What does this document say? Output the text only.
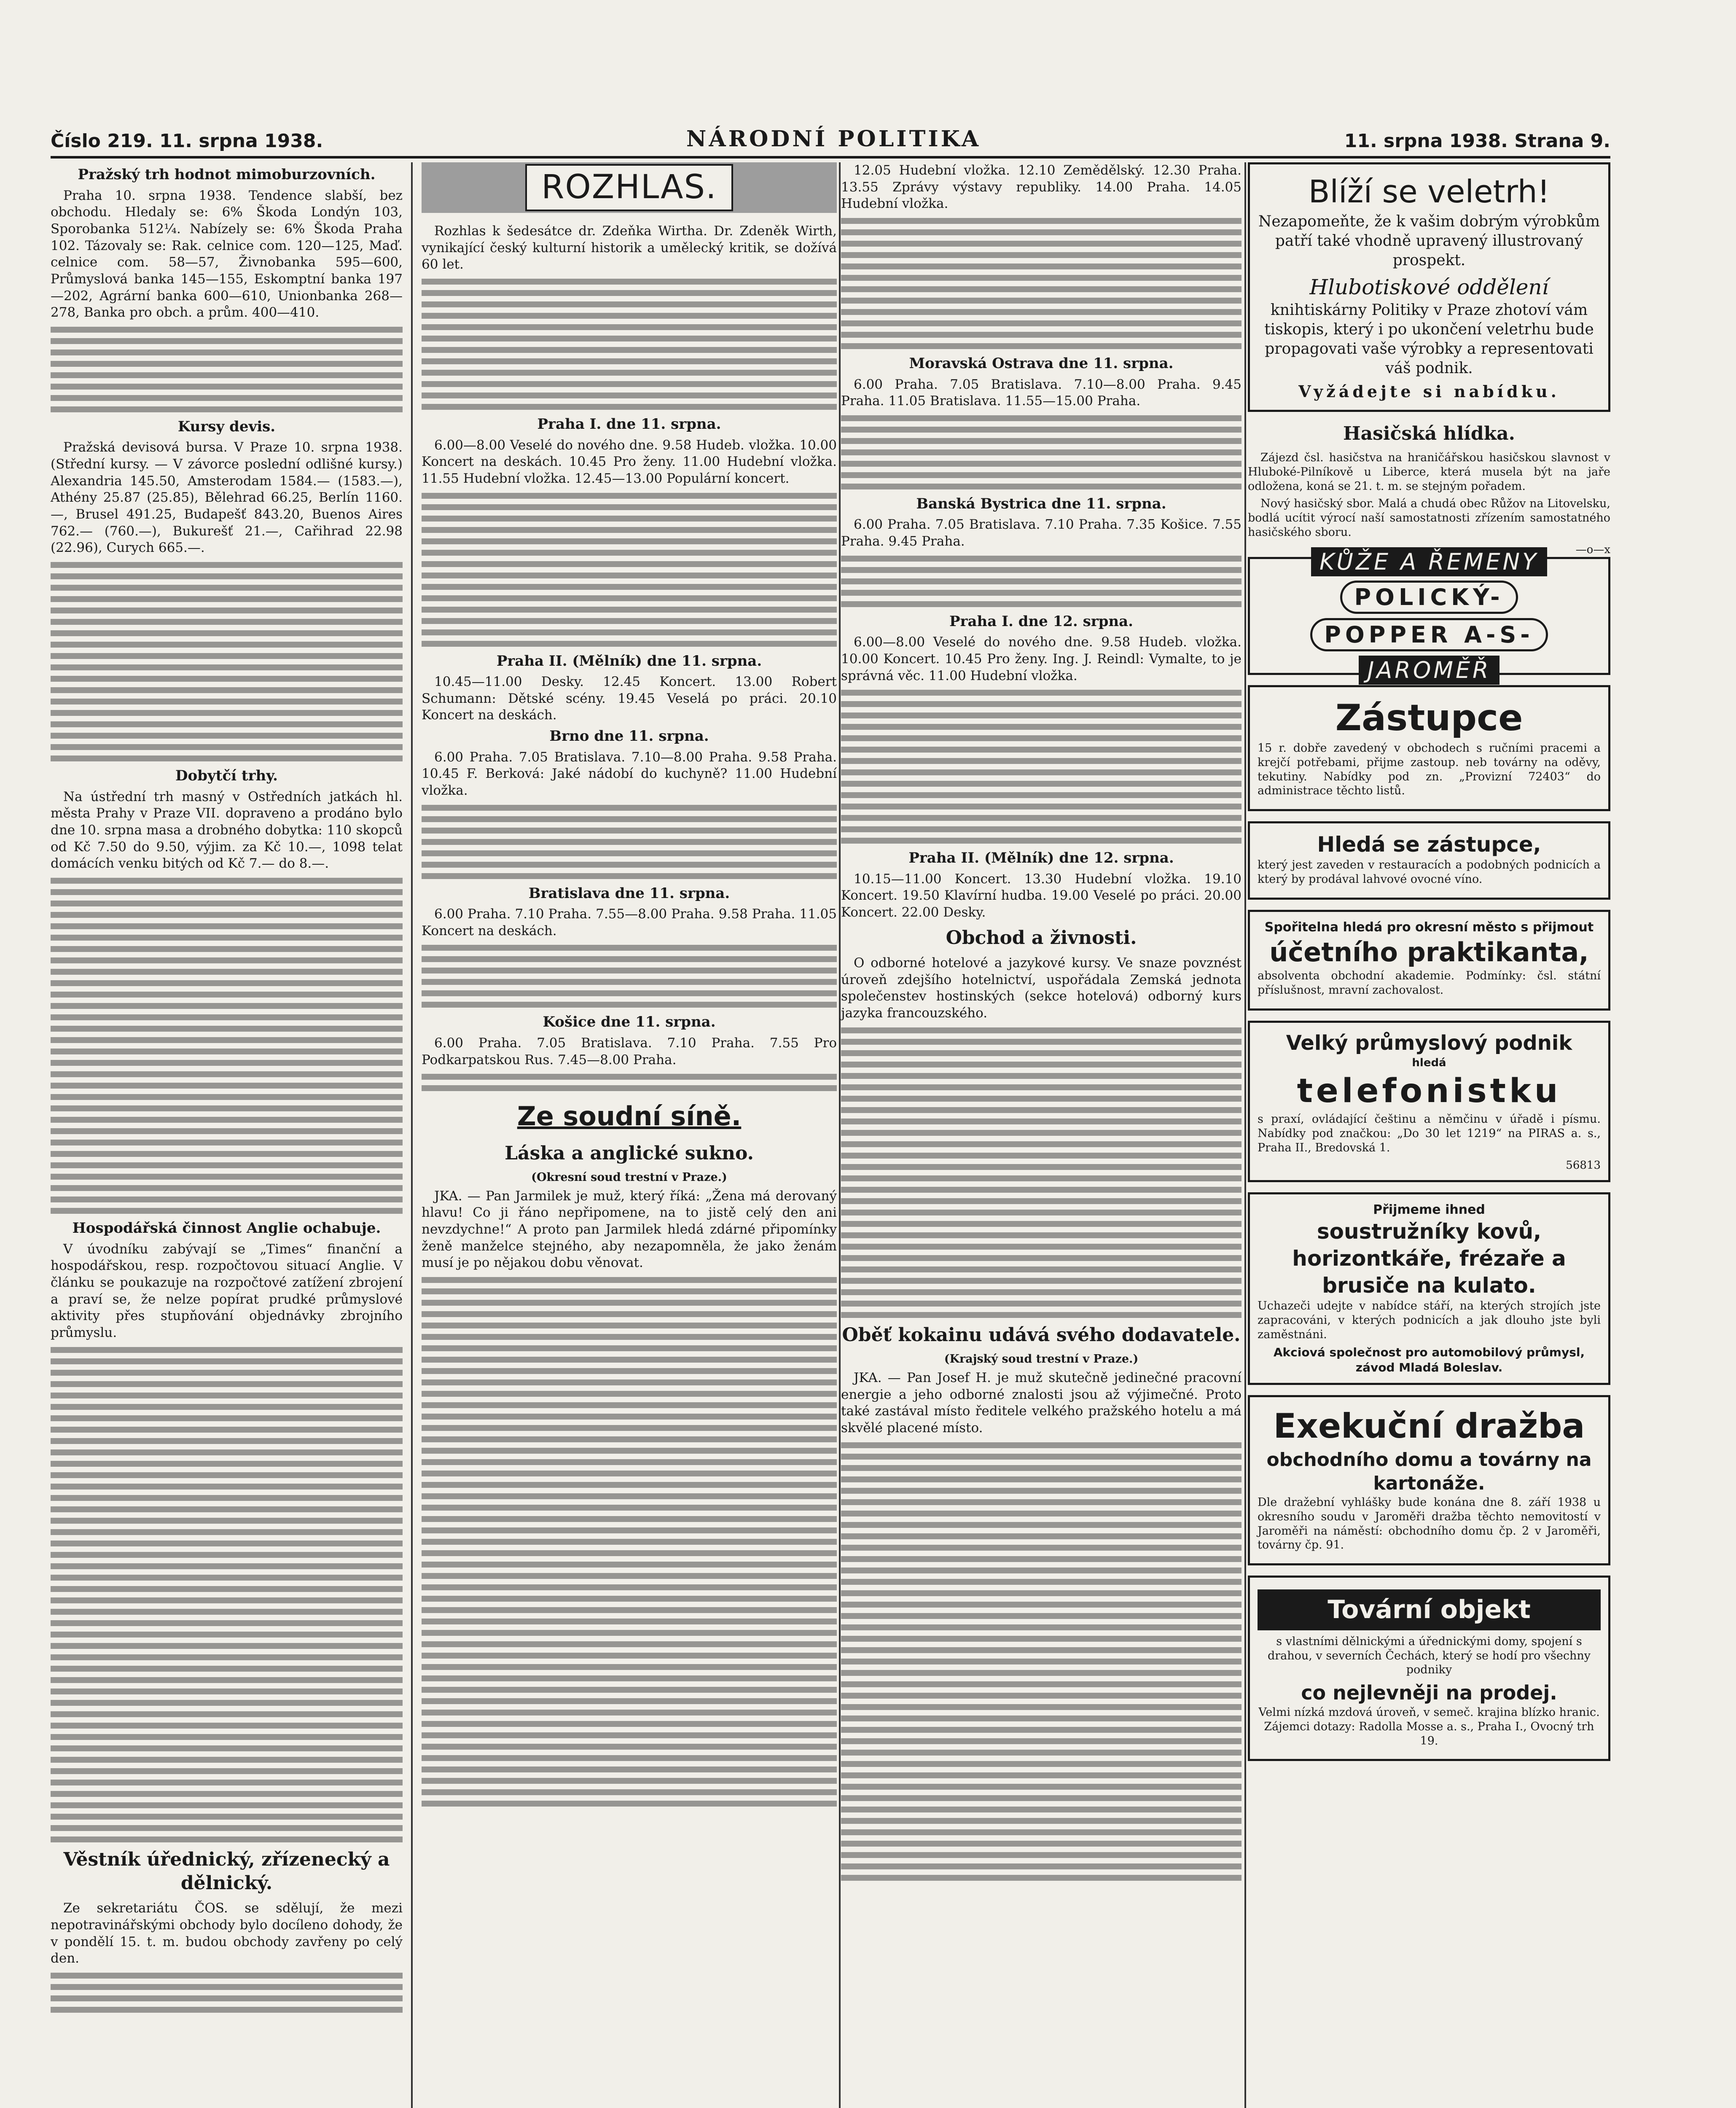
Číslo 219. 11. srpna 1938.	NÁRODNÍ POLITIKA	11. srpna 1938. Strana 9.
Pražský trh hodnot mimoburzovních.

Praha 10. srpna 1938. Tendence slabší, bez obchodu. Hledaly se: 6% Škoda Londýn 103, Sporobanka 512¼. Nabízely se: 6% Škoda Praha 102. Tázovaly se: Rak. celnice com. 120—125, Maď. celnice com. 58—57, Živnobanka 595—600, Průmyslová banka 145—155, Eskomptní banka 197—202, Agrární banka 600—610, Unionbanka 268—278, Banka pro obch. a prům. 400—410.

Kursy devis.

Pražská devisová bursa. V Praze 10. srpna 1938. (Střední kursy. — V závorce poslední odlišné kursy.) Alexandria 145.50, Amsterodam 1584.— (1583.—), Athény 25.87 (25.85), Bělehrad 66.25, Berlín 1160.—, Brusel 491.25, Budapešť 843.20, Buenos Aires 762.— (760.—), Bukurešť 21.—, Cařihrad 22.98 (22.96), Curych 665.—.

Dobytčí trhy.

Na ústřední trh masný v Ostředních jatkách hl. města Prahy v Praze VII. dopraveno a prodáno bylo dne 10. srpna masa a drobného dobytka: 110 skopců od Kč 7.50 do 9.50, výjim. za Kč 10.—, 1098 telat domácích venku bitých od Kč 7.— do 8.—.

Hospodářská činnost Anglie ochabuje.

V úvodníku zabývají se „Times“ finanční a hospodářskou, resp. rozpočtovou situací Anglie. V článku se poukazuje na rozpočtové zatížení zbrojení a praví se, že nelze popírat prudké průmyslové aktivity přes stupňování objednávky zbrojního průmyslu.

Věstník úřednický, zřízenecký a dělnický.

Ze sekretariátu ČOS. se sdělují, že mezi nepotravinářskými obchody bylo docíleno dohody, že v pondělí 15. t. m. budou obchody zavřeny po celý den.

ROZHLAS.

Rozhlas k šedesátce dr. Zdeňka Wirtha. Dr. Zdeněk Wirth, vynikající český kulturní historik a umělecký kritik, se dožívá 60 let.

Praha I. dne 11. srpna.

6.00—8.00 Veselé do nového dne. 9.58 Hudeb. vložka. 10.00 Koncert na deskách. 10.45 Pro ženy. 11.00 Hudební vložka. 11.55 Hudební vložka. 12.45—13.00 Populární koncert.

Praha II. (Mělník) dne 11. srpna.

10.45—11.00 Desky. 12.45 Koncert. 13.00 Robert Schumann: Dětské scény. 19.45 Veselá po práci. 20.10 Koncert na deskách.

Brno dne 11. srpna.

6.00 Praha. 7.05 Bratislava. 7.10—8.00 Praha. 9.58 Praha. 10.45 F. Berková: Jaké nádobí do kuchyně? 11.00 Hudební vložka.

Bratislava dne 11. srpna.

6.00 Praha. 7.10 Praha. 7.55—8.00 Praha. 9.58 Praha. 11.05 Koncert na deskách.

Košice dne 11. srpna.

6.00 Praha. 7.05 Bratislava. 7.10 Praha. 7.55 Pro Podkarpatskou Rus. 7.45—8.00 Praha.

Ze soudní síně.
Láska a anglické sukno.
(Okresní soud trestní v Praze.)

JKA. — Pan Jarmilek je muž, který říká: „Žena má derovaný hlavu! Co ji řáno nepřipomene, na to jistě celý den ani nevzdychne!“ A proto pan Jarmilek hledá zdárné připomínky ženě manželce stejného, aby nezapomněla, že jako ženám musí je po nějakou dobu věnovat.

12.05 Hudební vložka. 12.10 Zemědělský. 12.30 Praha. 13.55 Zprávy výstavy republiky. 14.00 Praha. 14.05 Hudební vložka.

Moravská Ostrava dne 11. srpna.

6.00 Praha. 7.05 Bratislava. 7.10—8.00 Praha. 9.45 Praha. 11.05 Bratislava. 11.55—15.00 Praha.

Banská Bystrica dne 11. srpna.

6.00 Praha. 7.05 Bratislava. 7.10 Praha. 7.35 Košice. 7.55 Praha. 9.45 Praha.

Praha I. dne 12. srpna.

6.00—8.00 Veselé do nového dne. 9.58 Hudeb. vložka. 10.00 Koncert. 10.45 Pro ženy. Ing. J. Reindl: Vymalte, to je správná věc. 11.00 Hudební vložka.

Praha II. (Mělník) dne 12. srpna.

10.15—11.00 Koncert. 13.30 Hudební vložka. 19.10 Koncert. 19.50 Klavírní hudba. 19.00 Veselé po práci. 20.00 Koncert. 22.00 Desky.

Obchod a živnosti.

O odborné hotelové a jazykové kursy. Ve snaze povznést úroveň zdejšího hotelnictví, uspořádala Zemská jednota společenstev hostinských (sekce hotelová) odborný kurs jazyka francouzského.

Oběť kokainu udává svého dodavatele.
(Krajský soud trestní v Praze.)

JKA. — Pan Josef H. je muž skutečně jedinečné pracovní energie a jeho odborné znalosti jsou až výjimečné. Proto také zastával místo ředitele velkého pražského hotelu a má skvělé placené místo.

Blíží se veletrh!

Nezapomeňte, že k vašim dobrým výrobkům patří také vhodně upravený illustrovaný prospekt.

Hlubotiskové oddělení

knihtiskárny Politiky v Praze zhotoví vám tiskopis, který i po ukončení veletrhu bude propagovati vaše výrobky a representovati váš podnik.

Vyžádejte si nabídku.
Hasičská hlídka.

Zájezd čsl. hasičstva na hraničářskou hasičskou slavnost v Hluboké-Pilníkově u Liberce, která musela být na jaře odložena, koná se 21. t. m. se stejným pořadem.

Nový hasičský sbor. Malá a chudá obec Růžov na Litovelsku, bodlá ucítit výrocí naší samostatnosti zřízením samostatného hasičského sboru.

—o—x
KŮŽE A ŘEMENY
POLICKÝ-
POPPER A-S-
JAROMĚŘ
Zástupce

15 r. dobře zavedený v obchodech s ručními pracemi a krejčí potřebami, přijme zastoup. neb továrny na oděvy, tekutiny. Nabídky pod zn. „Provizní 72403“ do administrace těchto listů.

Hledá se zástupce,

který jest zaveden v restauracích a podobných podnicích a který by prodával lahvové ovocné víno.

Spořitelna hledá pro okresní město s přijmout
účetního praktikanta,

absolventa obchodní akademie. Podmínky: čsl. státní příslušnost, mravní zachovalost.

Velký průmyslový podnik
hledá
telefonistku

s praxí, ovládající češtinu a němčinu v úřadě i písmu. Nabídky pod značkou: „Do 30 let 1219“ na PIRAS a. s., Praha II., Bredovská 1.

56813
Přijmeme ihned
soustružníky kovů, horizontkáře, frézaře a brusiče na kulato.

Uchazeči udejte v nabídce stáří, na kterých strojích jste zapracováni, v kterých podnicích a jak dlouho jste byli zaměstnáni.

Akciová společnost pro automobilový průmysl, závod Mladá Boleslav.
Exekuční dražba
obchodního domu a továrny na kartonáže.

Dle dražební vyhlášky bude konána dne 8. září 1938 u okresního soudu v Jaroměři dražba těchto nemovitostí v Jaroměři na náměstí: obchodního domu čp. 2 v Jaroměři, továrny čp. 91.

Tovární objekt

s vlastními dělnickými a úřednickými domy, spojení s drahou, v severních Čechách, který se hodí pro všechny podniky

co nejlevněji na prodej.

Velmi nízká mzdová úroveň, v semeč. krajina blízko hranic. Zájemci dotazy: Radolla Mosse a. s., Praha I., Ovocný trh 19.
